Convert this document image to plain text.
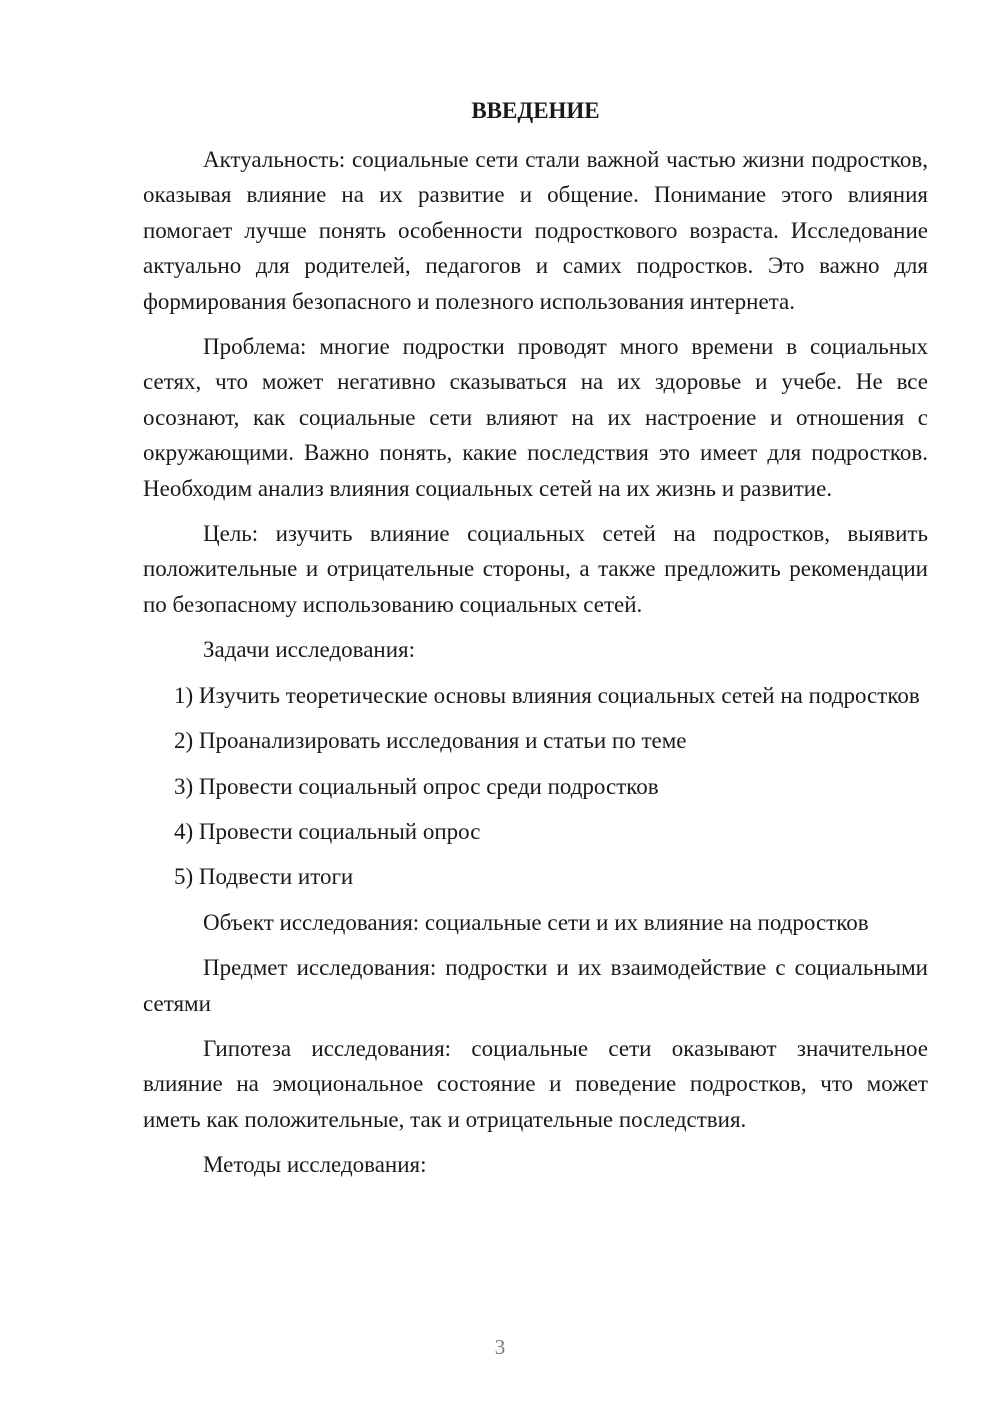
ВВЕДЕНИЕ

Актуальность: социальные сети стали важной частью жизни подростков, оказывая влияние на их развитие и общение. Понимание этого влияния помогает лучше понять особенности подросткового возраста. Исследование актуально для родителей, педагогов и самих подростков. Это важно для формирования безопасного и полезного использования интернета.

Проблема: многие подростки проводят много времени в социальных сетях, что может негативно сказываться на их здоровье и учебе. Не все осознают, как социальные сети влияют на их настроение и отношения с окружающими. Важно понять, какие последствия это имеет для подростков. Необходим анализ влияния социальных сетей на их жизнь и развитие.

Цель: изучить влияние социальных сетей на подростков, выявить положительные и отрицательные стороны, а также предложить рекомендации по безопасному использованию социальных сетей.

Задачи исследования:

1) Изучить теоретические основы влияния социальных сетей на подростков

2) Проанализировать исследования и статьи по теме

3) Провести социальный опрос среди подростков

4) Провести социальный опрос

5) Подвести итоги

Объект исследования: социальные сети и их влияние на подростков

Предмет исследования: подростки и их взаимодействие с социальными сетями

Гипотеза исследования: социальные сети оказывают значительное влияние на эмоциональное состояние и поведение подростков, что может иметь как положительные, так и отрицательные последствия.

Методы исследования:

3
